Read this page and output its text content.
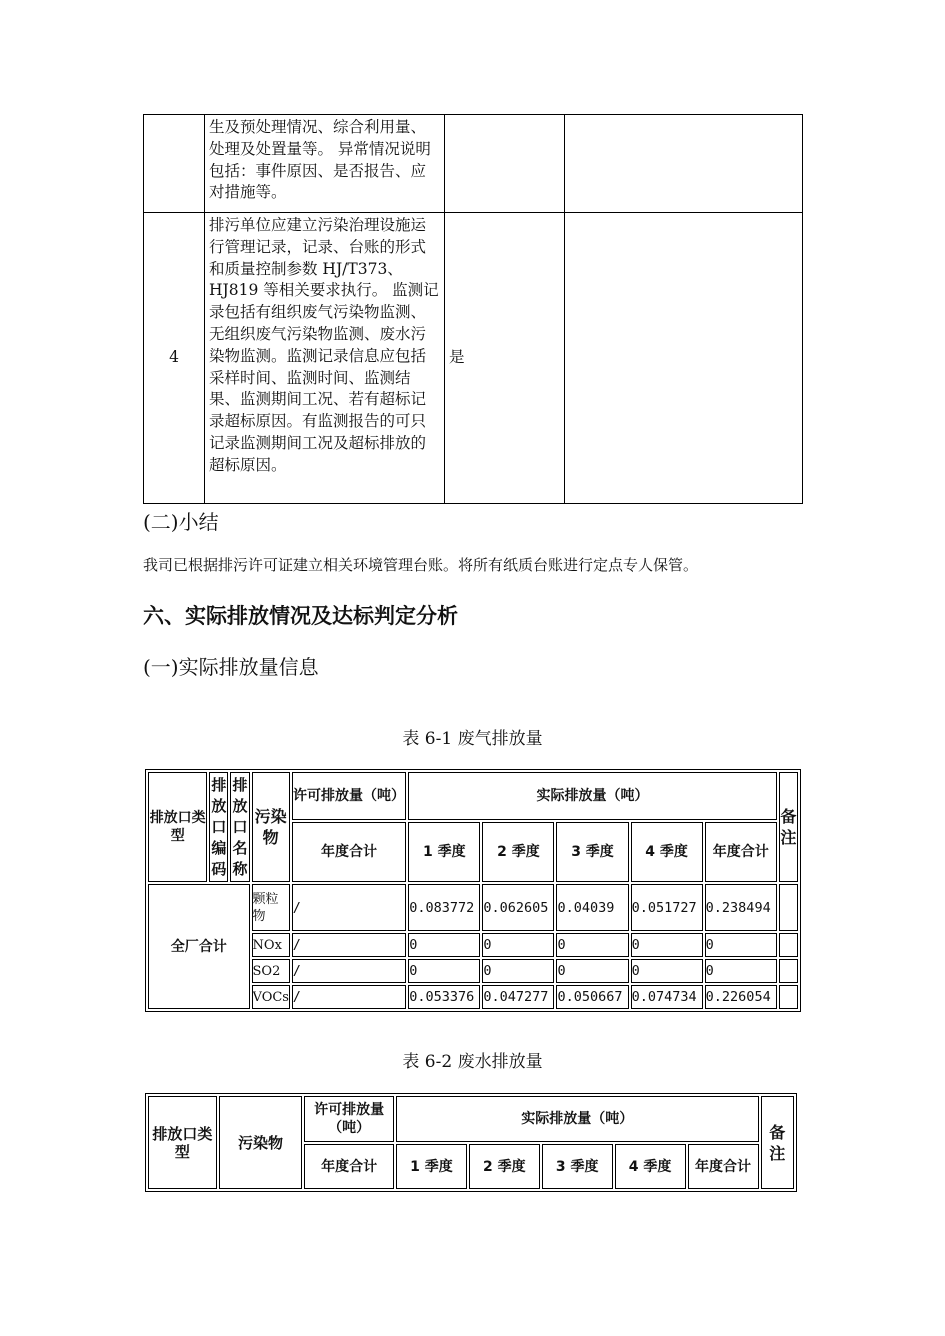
	生及预处理情况、综合利用量、处理及处置量等。 异常情况说明包括：事件原因、是否报告、应对措施等。		
4	排污单位应建立污染治理设施运行管理记录，记录、台账的形式和质量控制参数 HJ/T373、HJ819 等相关要求执行。 监测记录包括有组织废气污染物监测、无组织废气污染物监测、废水污染物监测。监测记录信息应包括采样时间、监测时间、监测结果、监测期间工况、若有超标记录超标原因。有监测报告的可只记录监测期间工况及超标排放的超标原因。	是	
(二)小结
我司已根据排污许可证建立相关环境管理台账。将所有纸质台账进行定点专人保管。
六、实际排放情况及达标判定分析
(一)实际排放量信息
表 6-1 废气排放量
排放口类型	排放口编码	排放口名称	污染物	许可排放量（吨）	实际排放量（吨）					备注
				年度合计	1 季度	2 季度	3 季度	4 季度	年度合计	
全厂合计			颗粒物	/	0.083772	0.062605	0.04039	0.051727	0.238494	
			NOx	/	0	0	0	0	0	
			SO2	/	0	0	0	0	0	
			VOCs	/	0.053376	0.047277	0.050667	0.074734	0.226054	
表 6-2 废水排放量
排放口类型	污染物	许可排放量（吨）	实际排放量（吨）					备注
		年度合计	1 季度	2 季度	3 季度	4 季度	年度合计	
